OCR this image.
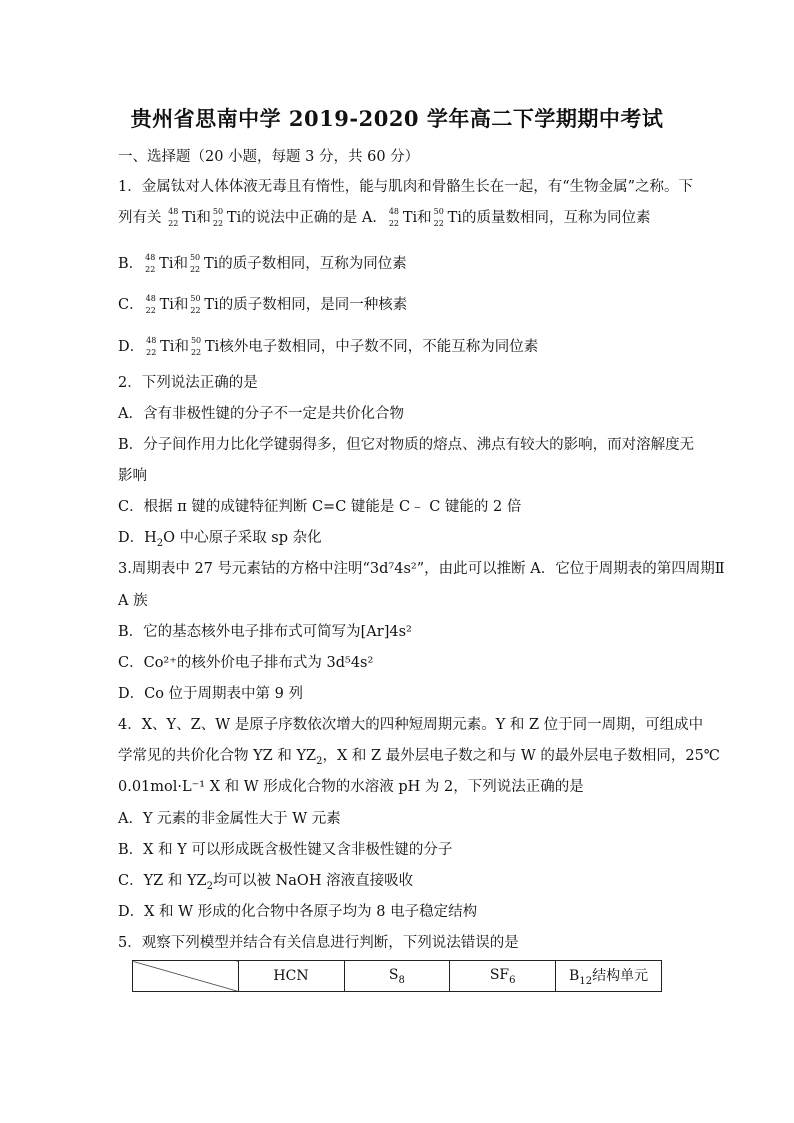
贵州省思南中学 2019-2020 学年高二下学期期中考试
一、选择题（20 小题，每题 3 分，共 60 分）
1．金属钛对人体体液无毒且有惰性，能与肌肉和骨骼生长在一起，有“生物金属”之称。下
列有关 48
22 Ti和 50
22 Ti的说法中正确的是 A． 48
22 Ti和 50
22 Ti的质量数相同，互称为同位素
B． 48
22 Ti和 50
22 Ti的质子数相同，互称为同位素
C． 48
22 Ti和 50
22 Ti的质子数相同，是同一种核素
D． 48
22 Ti和 50
22 Ti核外电子数相同，中子数不同，不能互称为同位素
2．下列说法正确的是
A．含有非极性键的分子不一定是共价化合物
B．分子间作用力比化学键弱得多，但它对物质的熔点、沸点有较大的影响，而对溶解度无
影响
C．根据 π 键的成键特征判断 C=C 键能是 C﹣ C 键能的 2 倍
D．$H_2O$ 中心原子采取 sp 杂化
3.周期表中 27 号元素钴的方格中注明“3d⁷4s²”，由此可以推断 A．它位于周期表的第四周期Ⅱ
A 族
B．它的基态核外电子排布式可简写为[Ar]4s²
C．Co²⁺的核外价电子排布式为 3d⁵4s²
D．Co 位于周期表中第 9 列
4．X、Y、Z、W 是原子序数依次增大的四种短周期元素。Y 和 Z 位于同一周期，可组成中
学常见的共价化合物 YZ 和 $YZ_2$，X 和 Z 最外层电子数之和与 W 的最外层电子数相同，25℃
0.01mol·L⁻¹ X 和 W 形成化合物的水溶液 pH 为 2，下列说法正确的是
A．Y 元素的非金属性大于 W 元素
B．X 和 Y 可以形成既含极性键又含非极性键的分子
C．YZ 和 $YZ_2$均可以被 NaOH 溶液直接吸收
D．X 和 W 形成的化合物中各原子均为 8 电子稳定结构
5．观察下列模型并结合有关信息进行判断，下列说法错误的是
	HCN	$S_8$	$SF_6$	$B_{12}$结构单元
